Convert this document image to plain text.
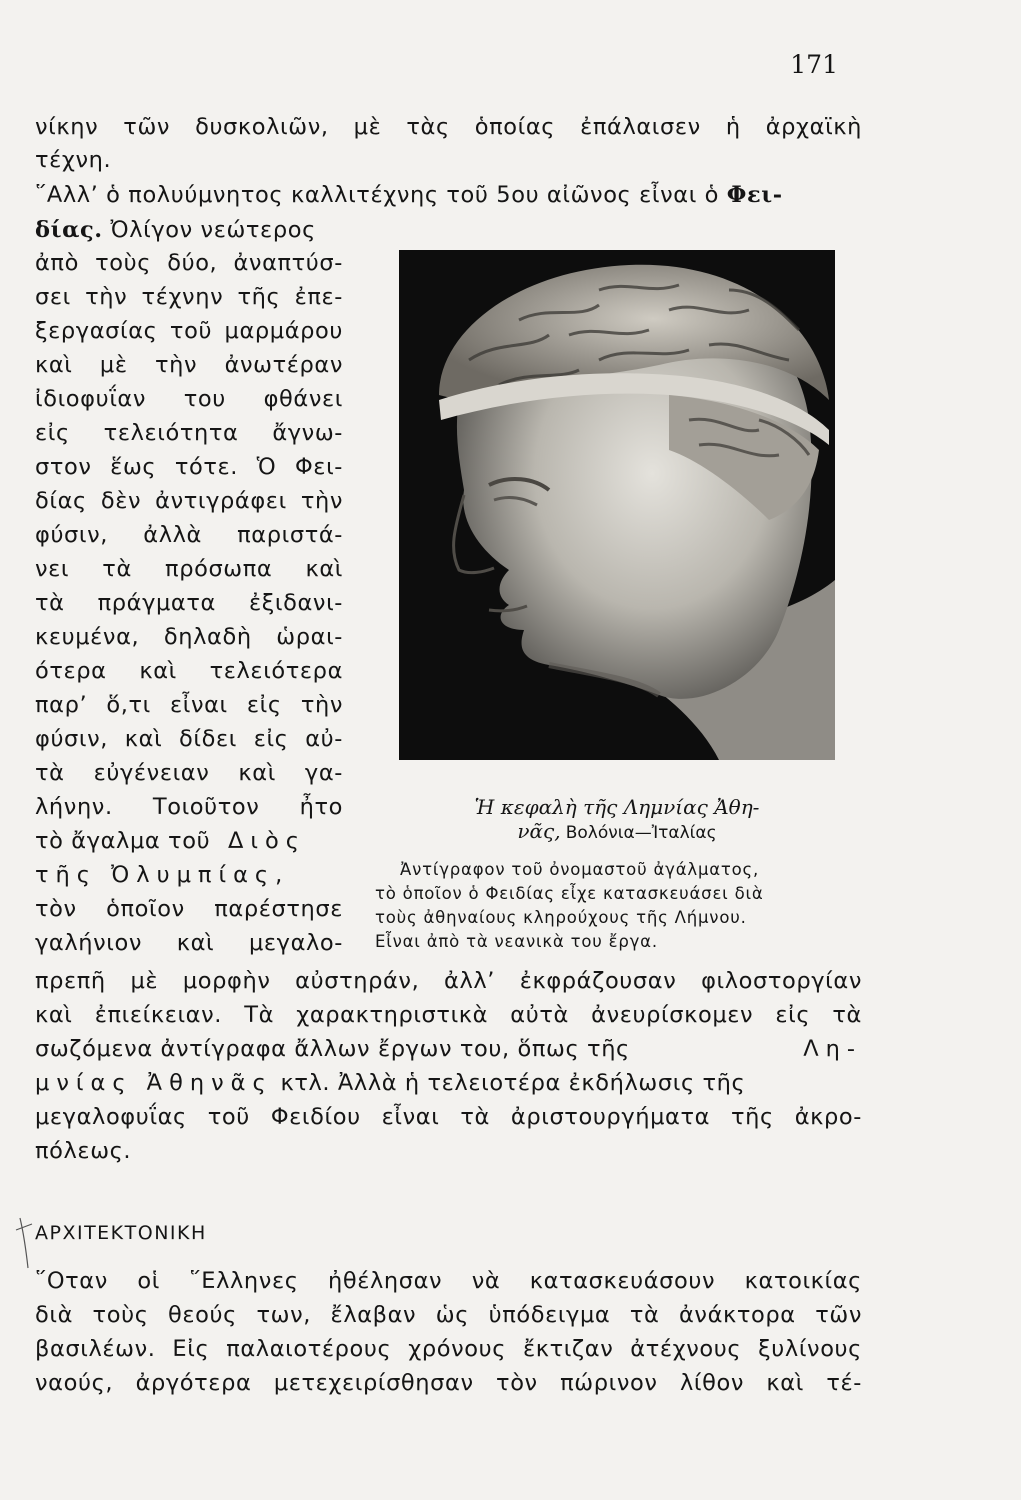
171
νίκην τῶν δυσκολιῶν, μὲ τὰς ὁποίας ἐπάλαισεν ἡ ἀρχαϊκὴ
τέχνη.
῞Αλλ’ ὁ πολυύμνητος καλλιτέχνης τοῦ 5ου αἰῶνος εἶναι ὁ Φει-
δίας. Ὀλίγον νεώτερος
ἀπὸ τοὺς δύο, ἀναπτύσ-
σει τὴν τέχνην τῆς ἐπε-
ξεργασίας τοῦ μαρμάρου
καὶ μὲ τὴν ἀνωτέραν
ἰδιοφυΐαν του φθάνει
εἰς τελειότητα ἄγνω-
στον ἕως τότε. Ὁ Φει-
δίας δὲν ἀντιγράφει τὴν
φύσιν, ἀλλὰ παριστά-
νει τὰ πρόσωπα καὶ
τὰ πράγματα ἐξιδανι-
κευμένα, δηλαδὴ ὡραι-
ότερα καὶ τελειότερα
παρ’ ὅ,τι εἶναι εἰς τὴν
φύσιν, καὶ δίδει εἰς αὐ-
τὰ εὐγένειαν καὶ γα-
λήνην. Τοιοῦτον ἦτο
τὸ ἄγαλμα τοῦ Διὸς
τῆς Ὀλυμπίας,
τὸν ὁποῖον παρέστησε
γαλήνιον καὶ μεγαλο-
πρεπῆ μὲ μορφὴν αὐστηράν, ἀλλ’ ἐκφράζουσαν φιλοστοργίαν
καὶ ἐπιείκειαν. Τὰ χαρακτηριστικὰ αὐτὰ ἀνευρίσκομεν εἰς τὰ
σωζόμενα ἀντίγραφα ἄλλων ἔργων του, ὅπως τῆς	Λη-
μνίας Ἀθηνᾶς κτλ. Ἀλλὰ ἡ τελειοτέρα ἐκδήλωσις τῆς
μεγαλοφυΐας τοῦ Φειδίου εἶναι τὰ ἀριστουργήματα τῆς ἀκρο-
πόλεως.
Ἡ κεφαλὴ τῆς Λημνίας Ἀθη-
νᾶς, Βολόνια—Ἰταλίας
Ἀντίγραφον τοῦ ὀνομαστοῦ ἀγάλματος,
τὸ ὁποῖον ὁ Φειδίας εἶχε κατασκευάσει διὰ
τοὺς ἀθηναίους κληρούχους τῆς Λήμνου.
Εἶναι ἀπὸ τὰ νεανικὰ του ἔργα.
ΑΡΧΙΤΕΚΤΟΝΙΚΗ
῞Οταν οἱ ῞Ελληνες ἠθέλησαν νὰ κατασκευάσουν κατοικίας
διὰ τοὺς θεούς των, ἔλαβαν ὡς ὑπόδειγμα τὰ ἀνάκτορα τῶν
βασιλέων. Εἰς παλαιοτέρους χρόνους ἔκτιζαν ἀτέχνους ξυλίνους
ναούς, ἀργότερα μετεχειρίσθησαν τὸν πώρινον λίθον καὶ τέ-
